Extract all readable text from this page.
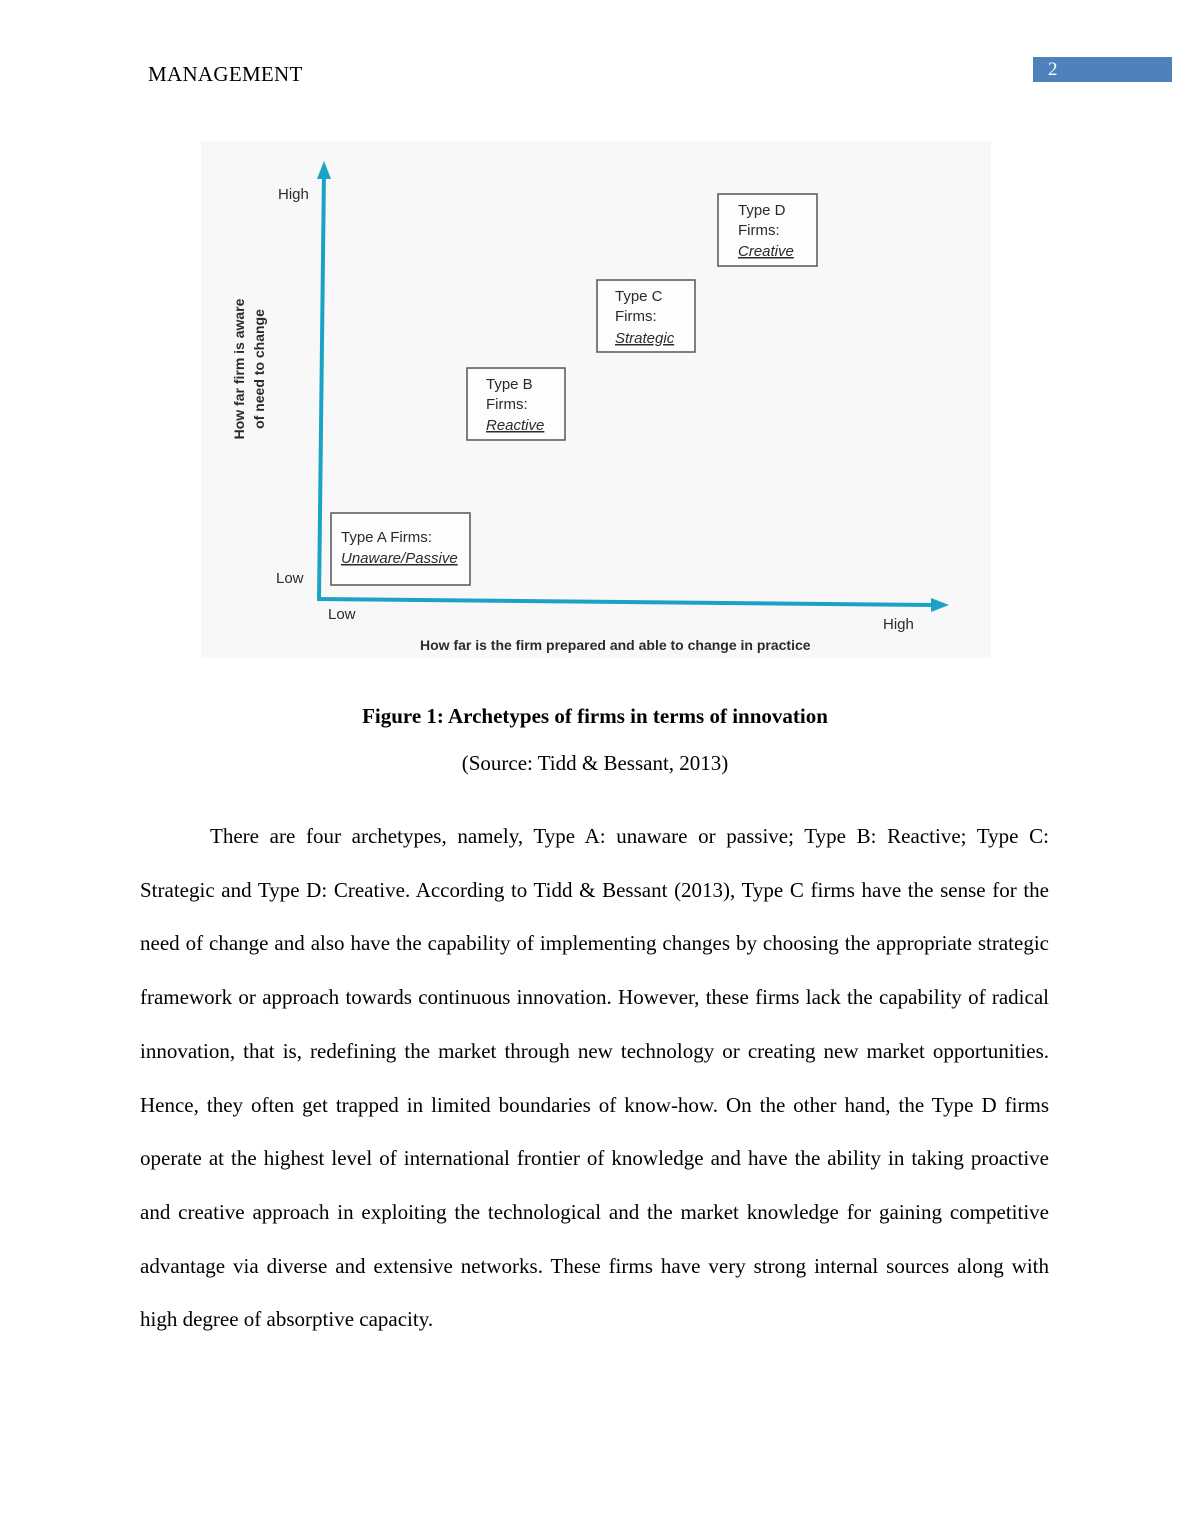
MANAGEMENT	2
High
Low
How far firm is aware of need to change
Low
High
How far is the firm prepared and able to change in practice
Type A Firms:
Unaware/Passive
Type B
Firms:
Reactive
Type C
Firms:
Strategic
Type D
Firms:
Creative
Figure 1: Archetypes of firms in terms of innovation
(Source: Tidd & Bessant, 2013)

There are four archetypes, namely, Type A: unaware or passive; Type B: Reactive; Type C: Strategic and Type D: Creative. According to Tidd & Bessant (2013), Type C firms have the sense for the need of change and also have the capability of implementing changes by choosing the appropriate strategic framework or approach towards continuous innovation. However, these firms lack the capability of radical innovation, that is, redefining the market through new technology or creating new market opportunities. Hence, they often get trapped in limited boundaries of know-how. On the other hand, the Type D firms operate at the highest level of international frontier of knowledge and have the ability in taking proactive and creative approach in exploiting the technological and the market knowledge for gaining competitive advantage via diverse and extensive networks. These firms have very strong internal sources along with high degree of absorptive capacity.
